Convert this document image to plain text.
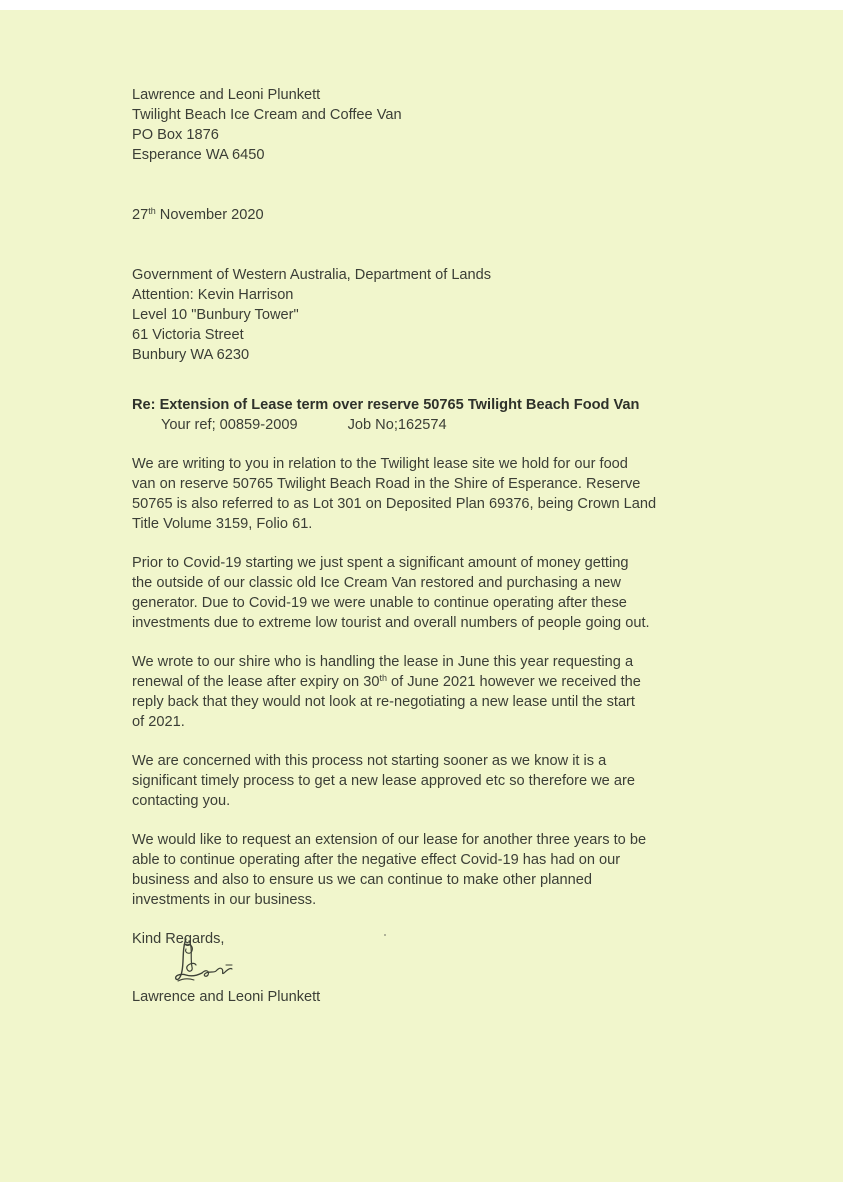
Lawrence and Leoni Plunkett
Twilight Beach Ice Cream and Coffee Van
PO Box 1876
Esperance WA 6450
27th November 2020
Government of Western Australia, Department of Lands
Attention: Kevin Harrison
Level 10 "Bunbury Tower"
61 Victoria Street
Bunbury WA 6230
Re: Extension of Lease term over reserve 50765 Twilight Beach Food Van
Your ref; 00859-2009	Job No;162574
We are writing to you in relation to the Twilight lease site we hold for our food
van on reserve 50765 Twilight Beach Road in the Shire of Esperance. Reserve
50765 is also referred to as Lot 301 on Deposited Plan 69376, being Crown Land
Title Volume 3159, Folio 61.
Prior to Covid-19 starting we just spent a significant amount of money getting
the outside of our classic old Ice Cream Van restored and purchasing a new
generator. Due to Covid-19 we were unable to continue operating after these
investments due to extreme low tourist and overall numbers of people going out.
We wrote to our shire who is handling the lease in June this year requesting a
renewal of the lease after expiry on 30th of June 2021 however we received the
reply back that they would not look at re-negotiating a new lease until the start
of 2021.
We are concerned with this process not starting sooner as we know it is a
significant timely process to get a new lease approved etc so therefore we are
contacting you.
We would like to request an extension of our lease for another three years to be
able to continue operating after the negative effect Covid-19 has had on our
business and also to ensure us we can continue to make other planned
investments in our business.
Kind Regards,
Lawrence and Leoni Plunkett
